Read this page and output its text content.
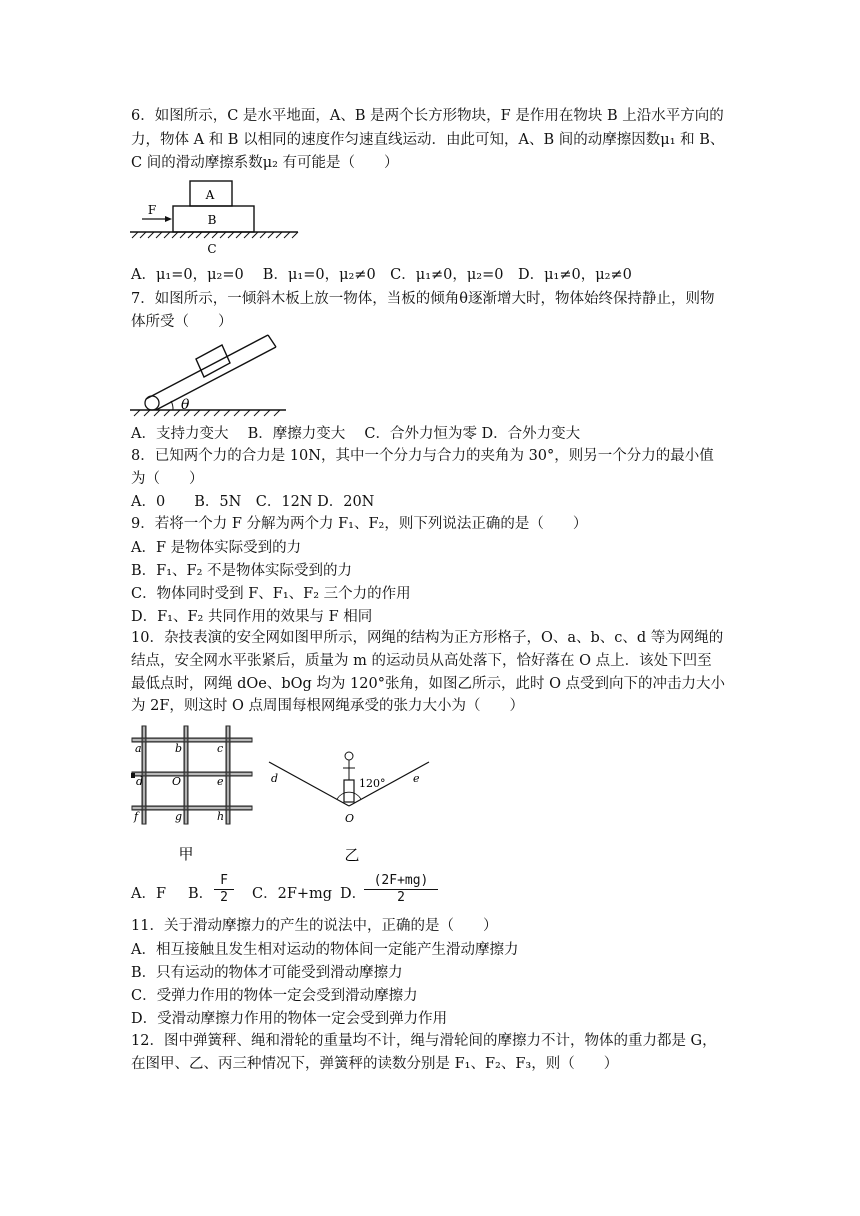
6．如图所示，C 是水平地面，A、B 是两个长方形物块，F 是作用在物块 B 上沿水平方向的
力，物体 A 和 B 以相同的速度作匀速直线运动．由此可知，A、B 间的动摩擦因数μ₁ 和 B、
C 间的滑动摩擦系数μ₂ 有可能是（　　）
A
B
C
F
A．μ₁=0，μ₂=0　 B．μ₁=0，μ₂≠0　C．μ₁≠0，μ₂=0　D．μ₁≠0，μ₂≠0
7．如图所示，一倾斜木板上放一物体，当板的倾角θ逐渐增大时，物体始终保持静止，则物
体所受（　　）
θ
A．支持力变大　 B．摩擦力变大　 C．合外力恒为零 D．合外力变大
8．已知两个力的合力是 10N，其中一个分力与合力的夹角为 30°，则另一个分力的最小值
为（　　）
A．0　　B．5N　C．12N D．20N
9．若将一个力 F 分解为两个力 F₁、F₂，则下列说法正确的是（　　）
A．F 是物体实际受到的力
B．F₁、F₂ 不是物体实际受到的力
C．物体同时受到 F、F₁、F₂ 三个力的作用
D．F₁、F₂ 共同作用的效果与 F 相同
10．杂技表演的安全网如图甲所示，网绳的结构为正方形格子，O、a、b、c、d 等为网绳的
结点，安全网水平张紧后，质量为 m 的运动员从高处落下，恰好落在 O 点上．该处下凹至
最低点时，网绳 dOe、bOg 均为 120°张角，如图乙所示，此时 O 点受到向下的冲击力大小
为 2F，则这时 O 点周围每根网绳承受的张力大小为（　　）
a	b	c
d	O	e
f	g	h
甲
120°
d	e
O
乙
A．F B． $\frac{F}{2}$ C．2F+mg D．
$\frac{(2F+mg)}{2}$
11．关于滑动摩擦力的产生的说法中，正确的是（　　）
A．相互接触且发生相对运动的物体间一定能产生滑动摩擦力
B．只有运动的物体才可能受到滑动摩擦力
C．受弹力作用的物体一定会受到滑动摩擦力
D．受滑动摩擦力作用的物体一定会受到弹力作用
12．图中弹簧秤、绳和滑轮的重量均不计，绳与滑轮间的摩擦力不计，物体的重力都是 G，
在图甲、乙、丙三种情况下，弹簧秤的读数分别是 F₁、F₂、F₃，则（　　）
